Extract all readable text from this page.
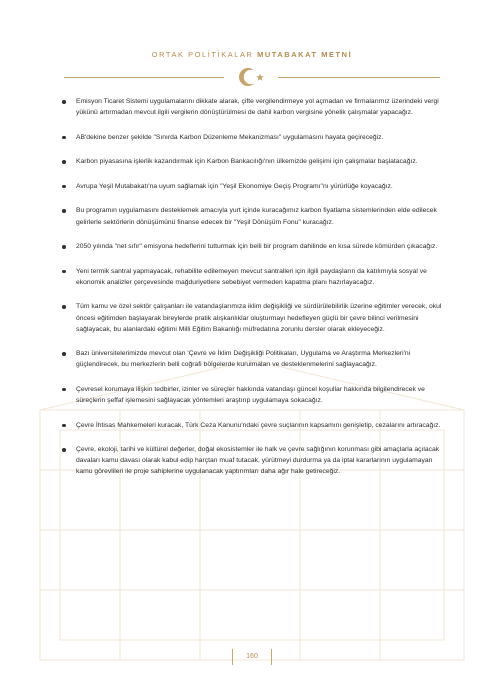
ORTAK POLİTİKALAR MUTABAKAT METNİ
Emisyon Ticaret Sistemi uygulamalarını dikkate alarak, çifte vergilendirmeye yol açmadan ve firmalarımız üzerindeki vergi yükünü artırmadan mevcut ilgili vergilerin dönüştürülmesi de dahil karbon vergisine yönelik çalışmalar yapacağız.
AB'dekine benzer şekilde "Sınırda Karbon Düzenleme Mekanizması" uygulamasını hayata geçireceğiz.
Karbon piyasasına işlerlik kazandırmak için Karbon Bankacılığı'nın ülkemizde gelişimi için çalışmalar başlatacağız.
Avrupa Yeşil Mutabakatı'na uyum sağlamak için "Yeşil Ekonomiye Geçiş Programı"nı yürürlüğe koyacağız.
Bu programın uygulamasını desteklemek amacıyla yurt içinde kuracağımız karbon fiyatlama sistemlerinden elde edilecek gelirlerle sektörlerin dönüşümünü finanse edecek bir "Yeşil Dönüşüm Fonu" kuracağız.
2050 yılında "net sıfır" emisyona hedeflerini tutturmak için belli bir program dahilinde en kısa sürede kömürden çıkacağız.
Yeni termik santral yapmayacak, rehabilite edilemeyen mevcut santralleri için ilgili paydaşların da katılımıyla sosyal ve ekonomik analizler çerçevesinde mağduriyetlere sebebiyet vermeden kapatma planı hazırlayacağız.
Tüm kamu ve özel sektör çalışanları ile vatandaşlarımıza iklim değişikliği ve sürdürülebilirlik üzerine eğitimler verecek, okul öncesi eğitimden başlayarak bireylerde pratik alışkanlıklar oluşturmayı hedefleyen güçlü bir çevre bilinci verilmesini sağlayacak, bu alanlardaki eğitimi Milli Eğitim Bakanlığı müfredatına zorunlu dersler olarak ekleyeceğiz.
Bazı üniversitelerimizde mevcut olan 'Çevre ve İklim Değişikliği Politikaları, Uygulama ve Araştırma Merkezleri'ni güçlendirecek, bu merkezlerin belli coğrafi bölgelerde kurulmaları ve desteklenmelerini sağlayacağız.
Çevresel korumaya ilişkin tedbirler, izinler ve süreçler hakkında vatandaşı güncel koşullar hakkında bilgilendirecek ve süreçlerin şeffaf işlemesini sağlayacak yöntemleri araştırıp uygulamaya sokacağız.
Çevre İhtisas Mahkemeleri kuracak, Türk Ceza Kanunu'ndaki çevre suçlarının kapsamını genişletip, cezalarını artıracağız.
Çevre, ekoloji, tarihi ve kültürel değerler, doğal ekosistemler ile halk ve çevre sağlığının korunması gibi amaçlarla açılacak davaları kamu davası olarak kabul edip harçtan muaf tutacak, yürütmeyi durdurma ya da iptal kararlarının uygulamayan kamu görevlileri ile proje sahiplerine uygulanacak yaptırımları daha ağır hale getireceğiz.
160
